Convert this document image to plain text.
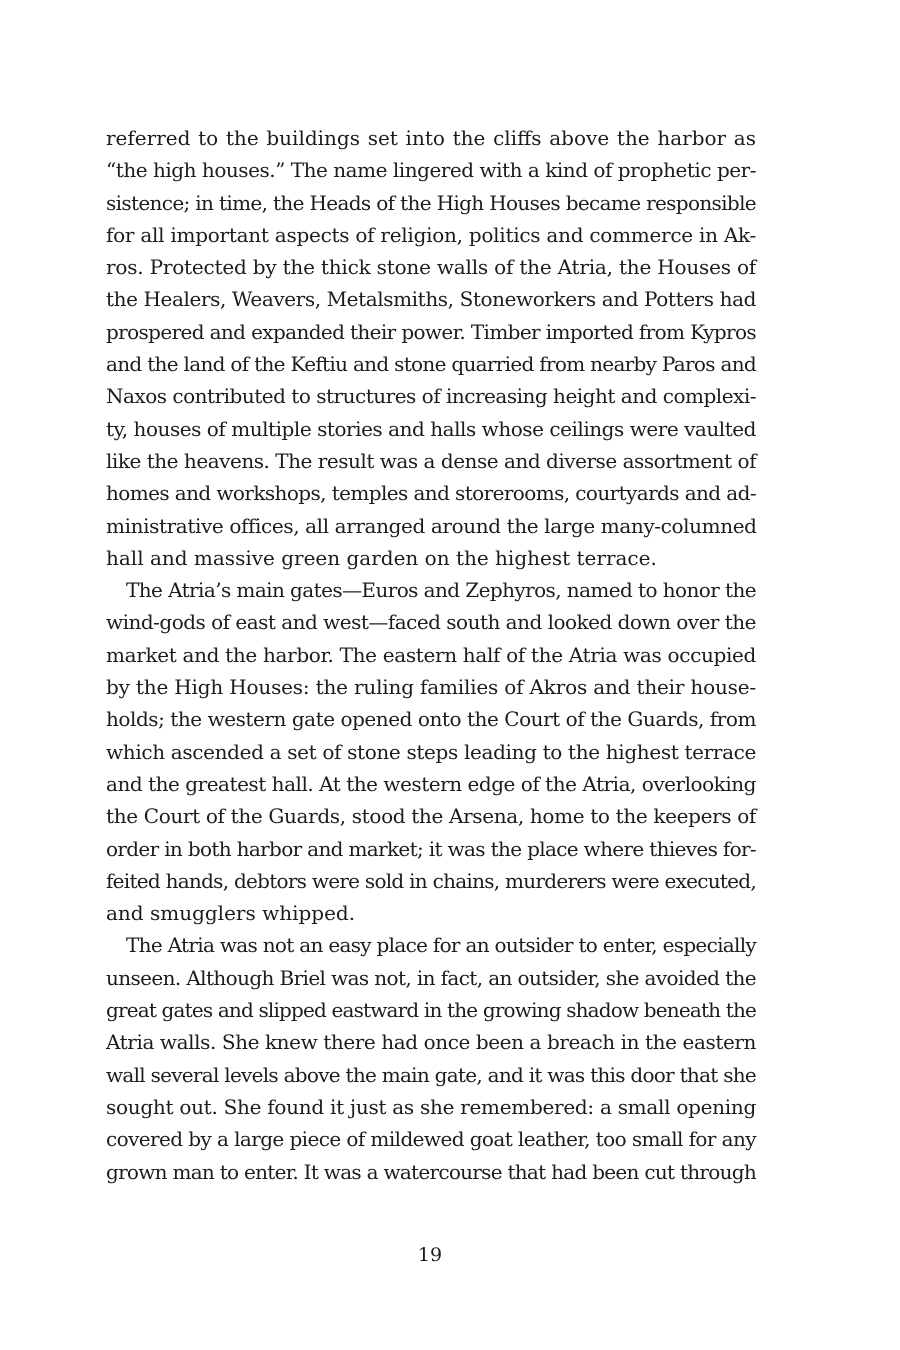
referred to the buildings set into the cliffs above the harbor as
“the high houses.” The name lingered with a kind of prophetic per-
sistence; in time, the Heads of the High Houses became responsible
for all important aspects of religion, politics and commerce in Ak-
ros. Protected by the thick stone walls of the Atria, the Houses of
the Healers, Weavers, Metalsmiths, Stoneworkers and Potters had
prospered and expanded their power. Timber imported from Kypros
and the land of the Keftiu and stone quarried from nearby Paros and
Naxos contributed to structures of increasing height and complexi-
ty, houses of multiple stories and halls whose ceilings were vaulted
like the heavens. The result was a dense and diverse assortment of
homes and workshops, temples and storerooms, courtyards and ad-
ministrative offices, all arranged around the large many-columned
hall and massive green garden on the highest terrace.
The Atria’s main gates—Euros and Zephyros, named to honor the
wind-gods of east and west—faced south and looked down over the
market and the harbor. The eastern half of the Atria was occupied
by the High Houses: the ruling families of Akros and their house-
holds; the western gate opened onto the Court of the Guards, from
which ascended a set of stone steps leading to the highest terrace
and the greatest hall. At the western edge of the Atria, overlooking
the Court of the Guards, stood the Arsena, home to the keepers of
order in both harbor and market; it was the place where thieves for-
feited hands, debtors were sold in chains, murderers were executed,
and smugglers whipped.
The Atria was not an easy place for an outsider to enter, especially
unseen. Although Briel was not, in fact, an outsider, she avoided the
great gates and slipped eastward in the growing shadow beneath the
Atria walls. She knew there had once been a breach in the eastern
wall several levels above the main gate, and it was this door that she
sought out. She found it just as she remembered: a small opening
covered by a large piece of mildewed goat leather, too small for any
grown man to enter. It was a watercourse that had been cut through
19
